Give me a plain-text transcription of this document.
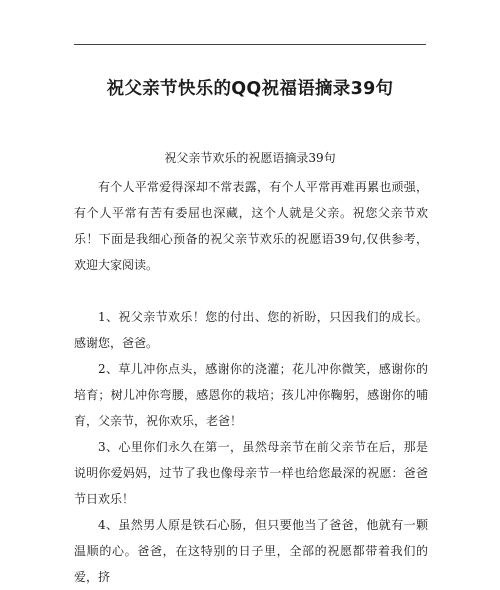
祝父亲节快乐的QQ祝福语摘录39句

祝父亲节欢乐的祝愿语摘录39句

有个人平常爱得深却不常表露，有个人平常再难再累也顽强，有个人平常有苦有委屈也深藏，这个人就是父亲。祝您父亲节欢乐！下面是我细心预备的祝父亲节欢乐的祝愿语39句,仅供参考，欢迎大家阅读。

1、祝父亲节欢乐！您的付出、您的祈盼，只因我们的成长。感谢您，爸爸。

2、草儿冲你点头，感谢你的浇灌；花儿冲你微笑，感谢你的培育；树儿冲你弯腰，感恩你的栽培；孩儿冲你鞠躬，感谢你的哺育，父亲节，祝你欢乐，老爸！

3、心里你们永久在第一，虽然母亲节在前父亲节在后，那是说明你爱妈妈，过节了我也像母亲节一样也给您最深的祝愿：爸爸节日欢乐！

4、虽然男人原是铁石心肠，但只要他当了爸爸，他就有一颗温顺的心。爸爸，在这特别的日子里，全部的祝愿都带着我们的爱，挤
